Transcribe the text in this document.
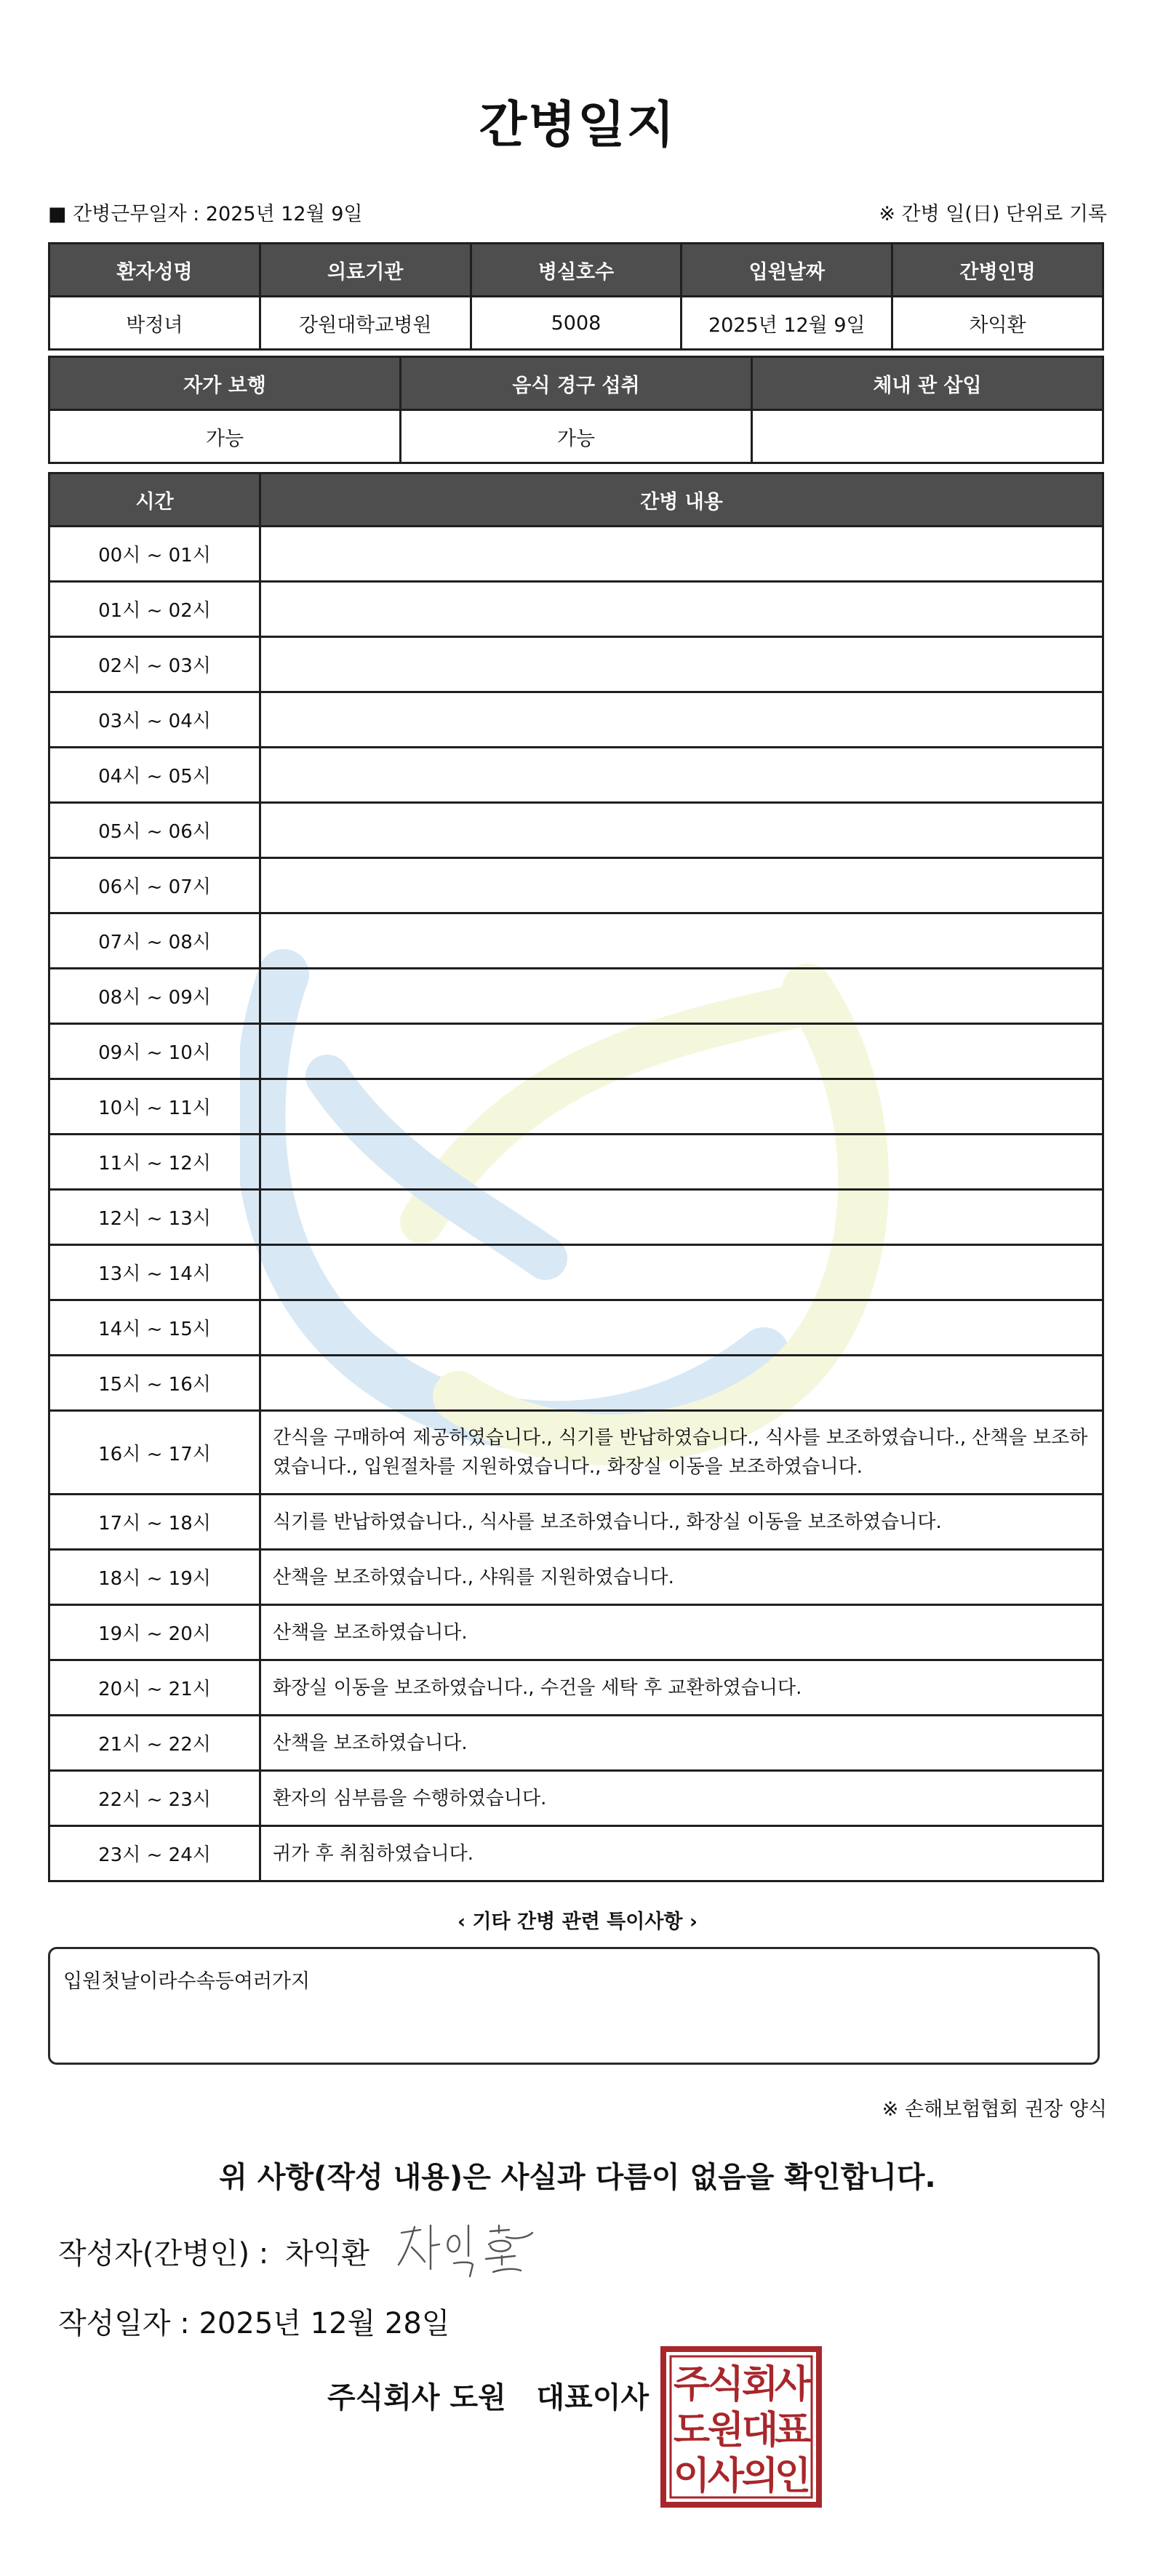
간병일지
■ 간병근무일자 : 2025년 12월 9일	※ 간병 일(日) 단위로 기록
환자성명	의료기관	병실호수	입원날짜	간병인명
박정녀	강원대학교병원	5008	2025년 12월 9일	차익환
자가 보행	음식 경구 섭취	체내 관 삽입
가능	가능	
시간	간병 내용
00시 ~ 01시	
01시 ~ 02시	
02시 ~ 03시	
03시 ~ 04시	
04시 ~ 05시	
05시 ~ 06시	
06시 ~ 07시	
07시 ~ 08시	
08시 ~ 09시	
09시 ~ 10시	
10시 ~ 11시	
11시 ~ 12시	
12시 ~ 13시	
13시 ~ 14시	
14시 ~ 15시	
15시 ~ 16시	
16시 ~ 17시	간식을 구매하여 제공하였습니다., 식기를 반납하였습니다., 식사를 보조하였습니다., 산책을 보조하였습니다., 입원절차를 지원하였습니다., 화장실 이동을 보조하였습니다.
17시 ~ 18시	식기를 반납하였습니다., 식사를 보조하였습니다., 화장실 이동을 보조하였습니다.
18시 ~ 19시	산책을 보조하였습니다., 샤워를 지원하였습니다.
19시 ~ 20시	산책을 보조하였습니다.
20시 ~ 21시	화장실 이동을 보조하였습니다., 수건을 세탁 후 교환하였습니다.
21시 ~ 22시	산책을 보조하였습니다.
22시 ~ 23시	환자의 심부름을 수행하였습니다.
23시 ~ 24시	귀가 후 취침하였습니다.
‹ 기타 간병 관련 특이사항 ›
입원첫날이라수속등여러가지
※ 손해보험협회 권장 양식
위 사항(작성 내용)은 사실과 다름이 없음을 확인합니다.
작성자(간병인) : 차익환
작성일자 : 2025년 12월 28일
주식회사 도원   대표이사 주
식
회
사
도
원
대
표
이
사
의
인
